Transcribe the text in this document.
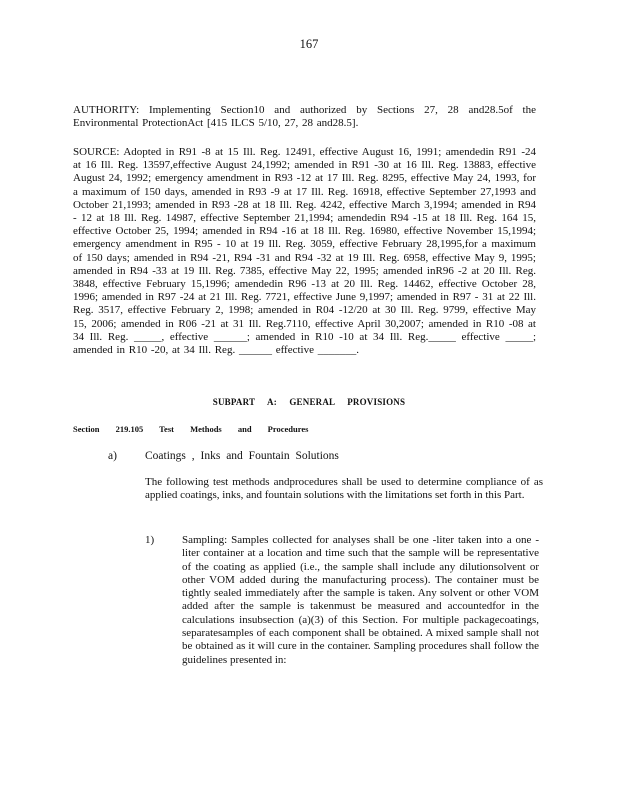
167

AUTHORITY: Implementing Section10 and authorized by Sections 27, 28 and28.5of the Environmental ProtectionAct [415 ILCS 5/10, 27, 28 and28.5].

SOURCE: Adopted in R91 -8 at 15 Ill. Reg. 12491, effective August 16, 1991; amendedin R91 -24 at 16 Ill. Reg. 13597,effective August 24,1992; amended in R91 -30 at 16 Ill. Reg. 13883, effective August 24, 1992; emergency amendment in R93 -12 at 17 Ill. Reg. 8295, effective May 24, 1993, for a maximum of 150 days, amended in R93 -9 at 17 Ill. Reg. 16918, effective September 27,1993 and October 21,1993; amended in R93 -28 at 18 Ill. Reg. 4242, effective March 3,1994; amended in R94 - 12 at 18 Ill. Reg. 14987, effective September 21,1994; amendedin R94 -15 at 18 Ill. Reg. 164 15, effective October 25, 1994; amended in R94 -16 at 18 Ill. Reg. 16980, effective November 15,1994; emergency amendment in R95 - 10 at 19 Ill. Reg. 3059, effective February 28,1995,for a maximum of 150 days; amended in R94 -21, R94 -31 and R94 -32 at 19 Ill. Reg. 6958, effective May 9, 1995; amended in R94 -33 at 19 Ill. Reg. 7385, effective May 22, 1995; amended inR96 -2 at 20 Ill. Reg. 3848, effective February 15,1996; amendedin R96 -13 at 20 Ill. Reg. 14462, effective October 28, 1996; amended in R97 -24 at 21 Ill. Reg. 7721, effective June 9,1997; amended in R97 - 31 at 22 Ill. Reg. 3517, effective February 2, 1998; amended in R04 -12/20 at 30 Ill. Reg. 9799, effective May 15, 2006; amended in R06 -21 at 31 Ill. Reg.7110, effective April 30,2007; amended in R10 -08 at 34 Ill. Reg. _____, effective ______; amended in R10 -10 at 34 Ill. Reg._____ effective _____; amended in R10 -20, at 34 Ill. Reg. ______ effective _______.

SUBPART A: GENERAL PROVISIONS
Section 219.105 Test Methods and Procedures
a) Coatings , Inks and Fountain Solutions

The following test methods andprocedures shall be used to determine compliance of as applied coatings, inks, and fountain solutions with the limitations set forth in this Part.

1)	Sampling: Samples collected for analyses shall be one -liter taken into a one -liter container at a location and time such that the sample will be representative of the coating as applied (i.e., the sample shall include any dilutionsolvent or other VOM added during the manufacturing process). The container must be tightly sealed immediately after the sample is taken. Any solvent or other VOM added after the sample is takenmust be measured and accountedfor in the calculations insubsection (a)(3) of this Section. For multiple packagecoatings, separatesamples of each component shall be obtained. A mixed sample shall not be obtained as it will cure in the container. Sampling procedures shall follow the guidelines presented in:
